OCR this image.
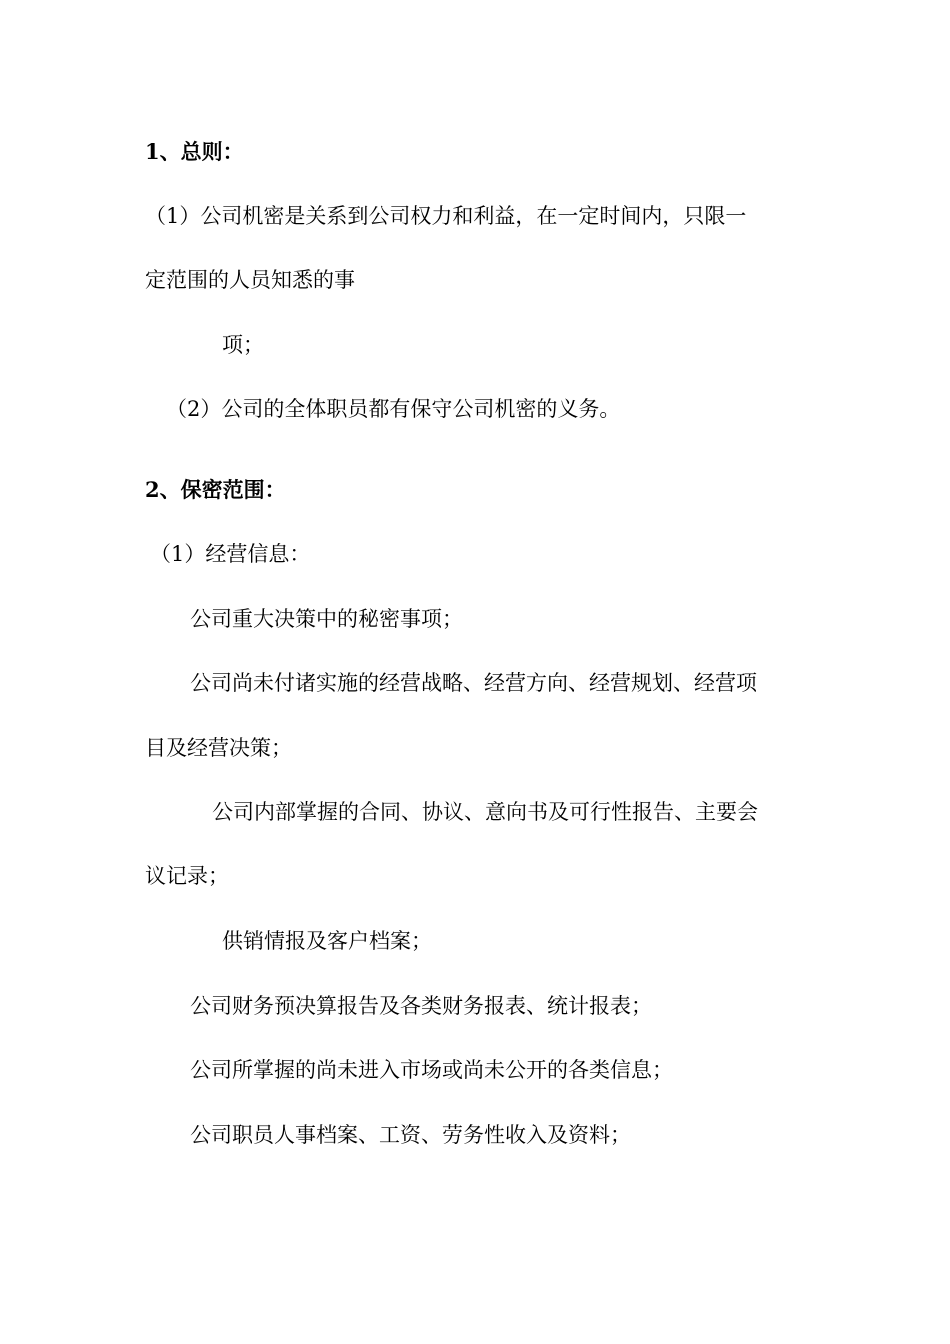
1、总则：
（1）公司机密是关系到公司权力和利益，在一定时间内，只限一
定范围的人员知悉的事
项；
（2）公司的全体职员都有保守公司机密的义务。
2、保密范围：
（1）经营信息：
公司重大决策中的秘密事项；
公司尚未付诸实施的经营战略、经营方向、经营规划、经营项
目及经营决策；
公司内部掌握的合同、协议、意向书及可行性报告、主要会
议记录；
供销情报及客户档案；
公司财务预决算报告及各类财务报表、统计报表；
公司所掌握的尚未进入市场或尚未公开的各类信息；
公司职员人事档案、工资、劳务性收入及资料；
